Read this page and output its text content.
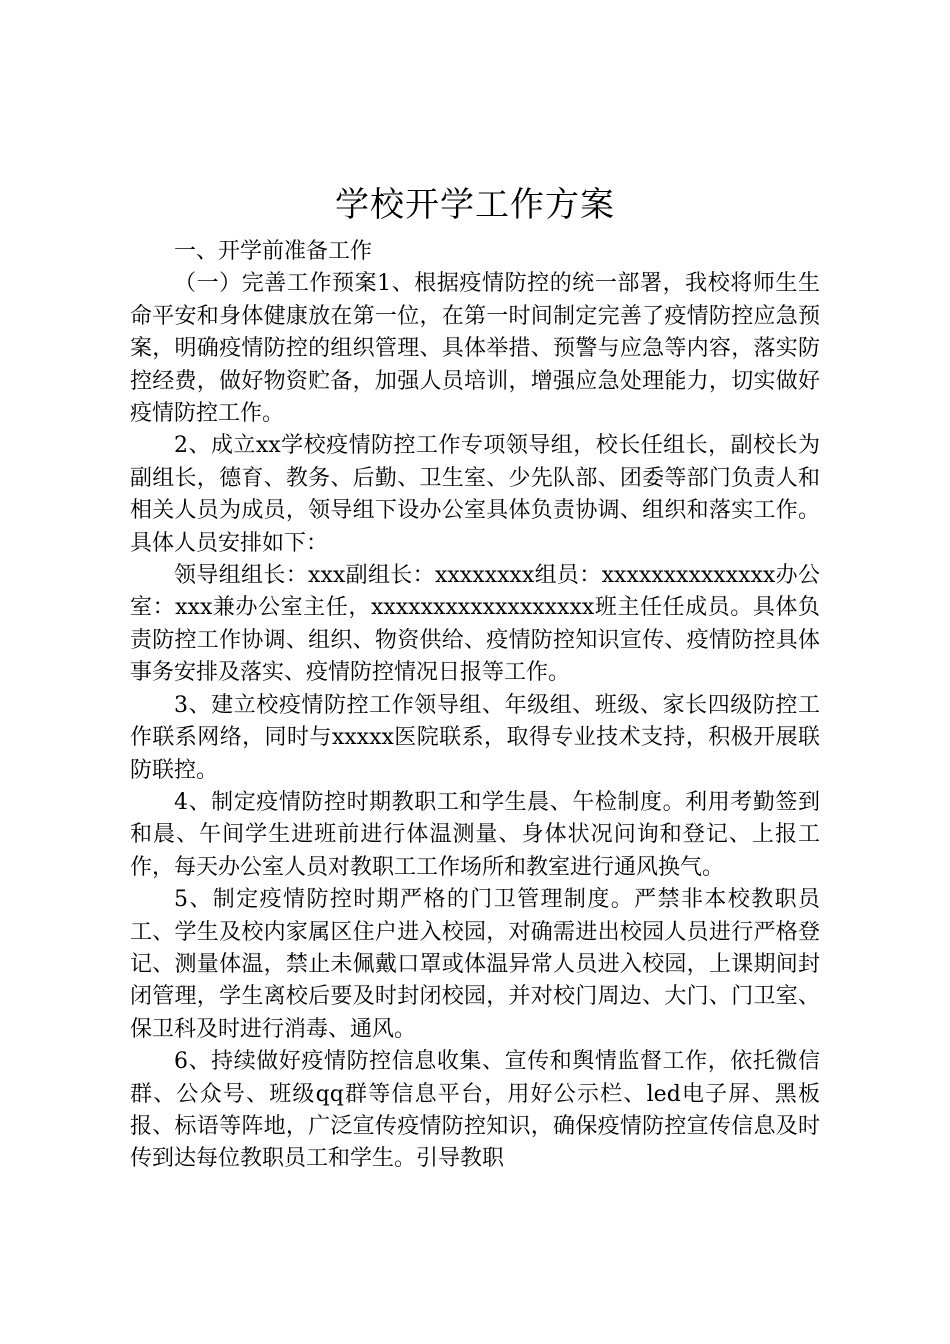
学校开学工作方案

一、开学前准备工作

（一）完善工作预案1、根据疫情防控的统一部署，我校将师生生命平安和身体健康放在第一位，在第一时间制定完善了疫情防控应急预案，明确疫情防控的组织管理、具体举措、预警与应急等内容，落实防控经费，做好物资贮备，加强人员培训，增强应急处理能力，切实做好疫情防控工作。

2、成立xx学校疫情防控工作专项领导组，校长任组长，副校长为副组长，德育、教务、后勤、卫生室、少先队部、团委等部门负责人和相关人员为成员，领导组下设办公室具体负责协调、组织和落实工作。具体人员安排如下：

领导组组长：xxx副组长：xxxxxxxx组员：xxxxxxxxxxxxxx办公室：xxx兼办公室主任，xxxxxxxxxxxxxxxxxx班主任任成员。具体负责防控工作协调、组织、物资供给、疫情防控知识宣传、疫情防控具体事务安排及落实、疫情防控情况日报等工作。

3、建立校疫情防控工作领导组、年级组、班级、家长四级防控工作联系网络，同时与xxxxx医院联系，取得专业技术支持，积极开展联防联控。

4、制定疫情防控时期教职工和学生晨、午检制度。利用考勤签到和晨、午间学生进班前进行体温测量、身体状况问询和登记、上报工作，每天办公室人员对教职工工作场所和教室进行通风换气。

5、制定疫情防控时期严格的门卫管理制度。严禁非本校教职员工、学生及校内家属区住户进入校园，对确需进出校园人员进行严格登记、测量体温，禁止未佩戴口罩或体温异常人员进入校园，上课期间封闭管理，学生离校后要及时封闭校园，并对校门周边、大门、门卫室、保卫科及时进行消毒、通风。

6、持续做好疫情防控信息收集、宣传和舆情监督工作，依托微信群、公众号、班级qq群等信息平台，用好公示栏、led电子屏、黑板报、标语等阵地，广泛宣传疫情防控知识，确保疫情防控宣传信息及时传到达每位教职员工和学生。引导教职
